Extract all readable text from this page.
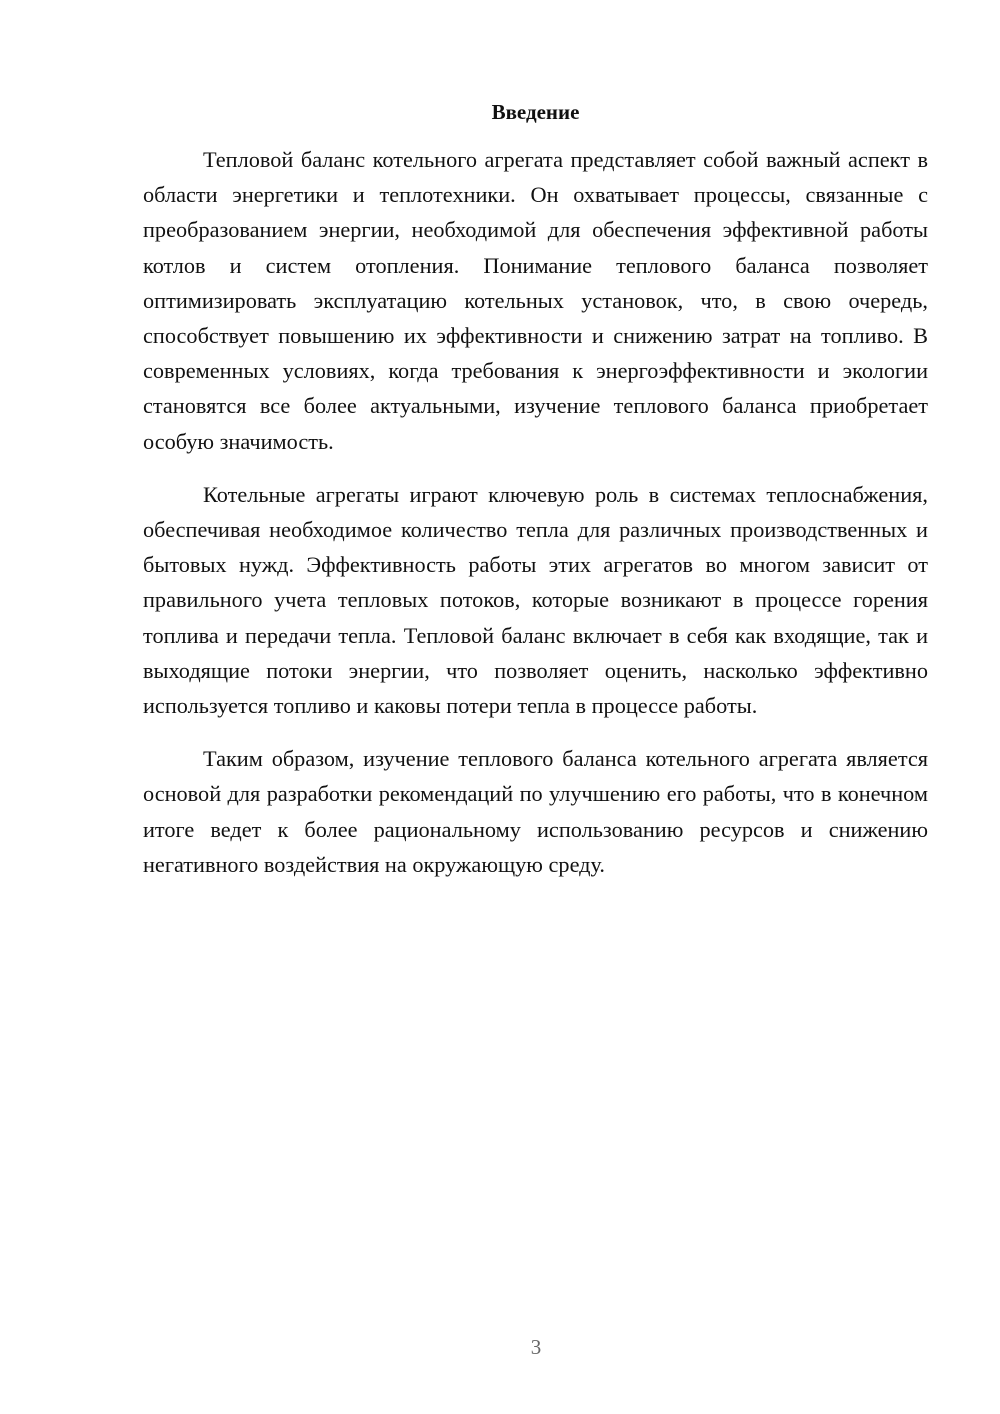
Введение

Тепловой баланс котельного агрегата представляет собой важный аспект в области энергетики и теплотехники. Он охватывает процессы, связанные с преобразованием энергии, необходимой для обеспечения эффективной работы котлов и систем отопления. Понимание теплового баланса позволяет оптимизировать эксплуатацию котельных установок, что, в свою очередь, способствует повышению их эффективности и снижению затрат на топливо. В современных условиях, когда требования к энергоэффективности и экологии становятся все более актуальными, изучение теплового баланса приобретает особую значимость.

Котельные агрегаты играют ключевую роль в системах теплоснабжения, обеспечивая необходимое количество тепла для различных производственных и бытовых нужд. Эффективность работы этих агрегатов во многом зависит от правильного учета тепловых потоков, которые возникают в процессе горения топлива и передачи тепла. Тепловой баланс включает в себя как входящие, так и выходящие потоки энергии, что позволяет оценить, насколько эффективно используется топливо и каковы потери тепла в процессе работы.

Таким образом, изучение теплового баланса котельного агрегата является основой для разработки рекомендаций по улучшению его работы, что в конечном итоге ведет к более рациональному использованию ресурсов и снижению негативного воздействия на окружающую среду.

3
